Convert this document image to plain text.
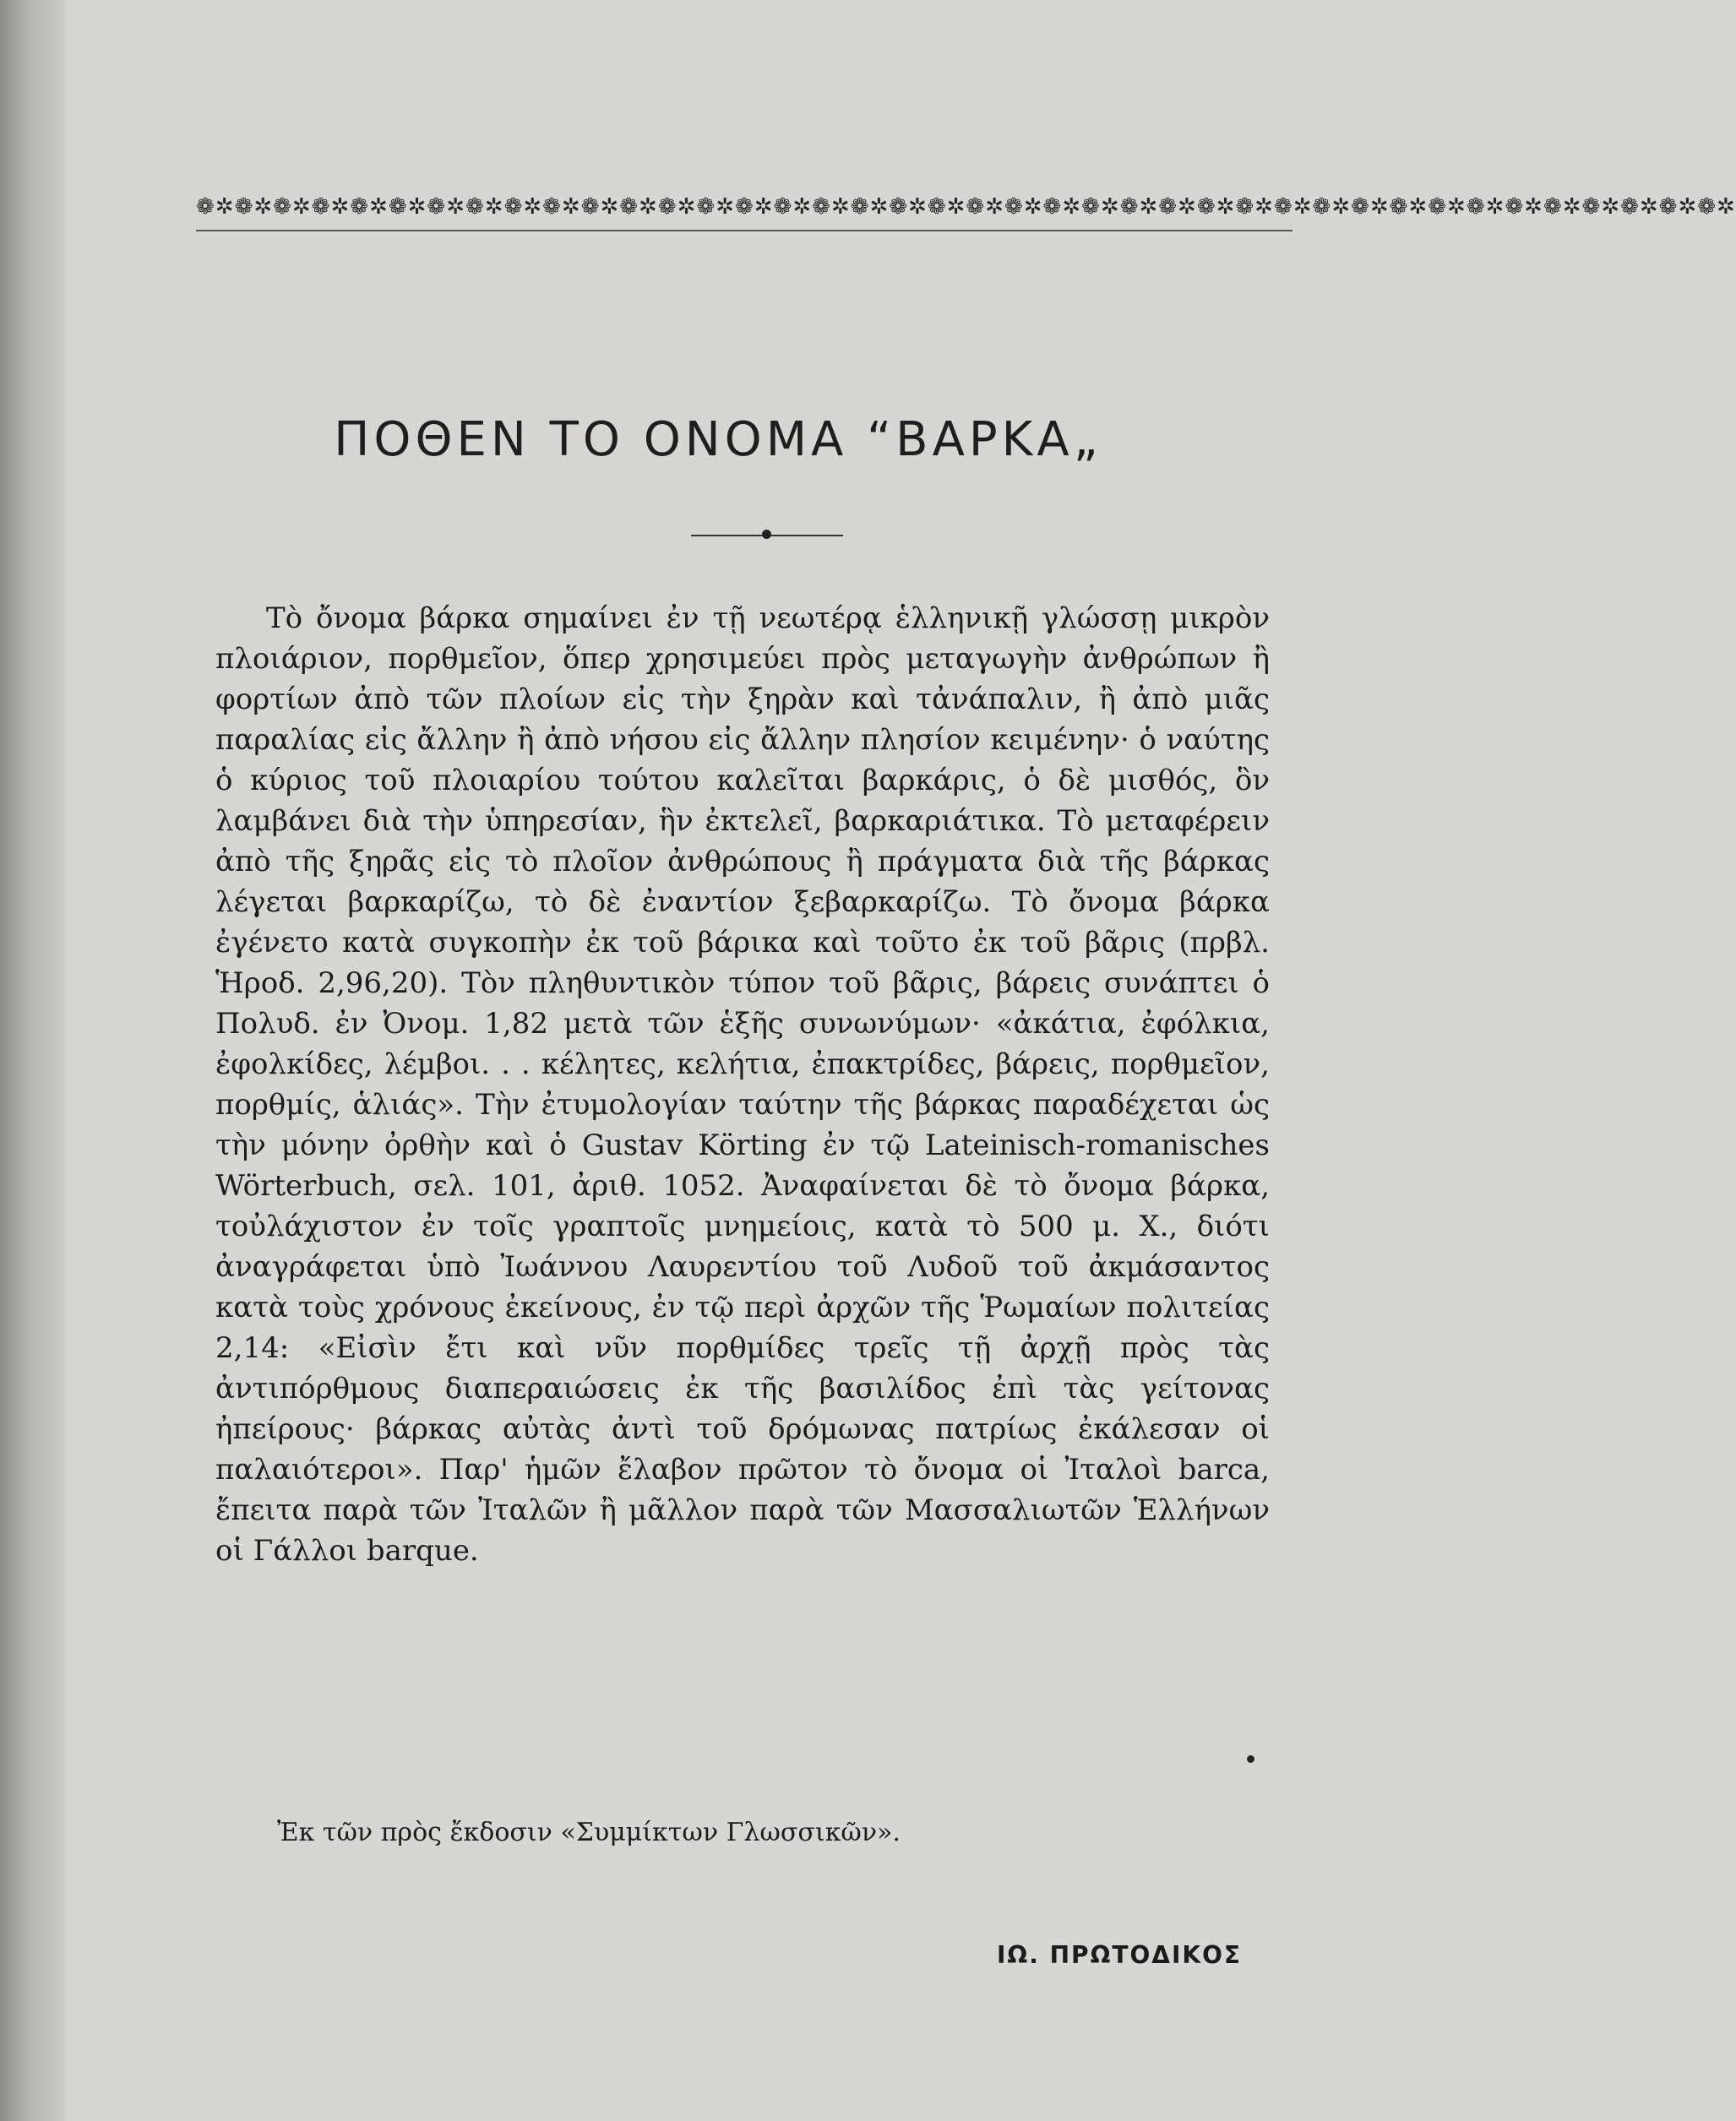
❁✲❁✲❁✲❁✲❁✲❁✲❁✲❁✲❁✲❁✲❁✲❁✲❁✲❁✲❁✲❁✲❁✲❁✲❁✲❁✲❁✲❁✲❁✲❁✲❁✲❁✲❁✲❁✲❁✲❁✲❁✲❁✲❁✲❁✲❁✲❁✲❁✲❁✲❁✲❁✲
ΠΟΘΕΝ ΤΟ ΟΝΟΜΑ “ΒΑΡΚΑ„

Τὸ ὄνομα βάρκα σημαίνει ἐν τῇ νεωτέρᾳ ἑλληνικῇ γλώσσῃ μικρὸν πλοιάριον, πορθμεῖον, ὅπερ χρησιμεύει πρὸς μεταγωγὴν ἀνθρώπων ἢ φορτίων ἀπὸ τῶν πλοίων εἰς τὴν ξηρὰν καὶ τἀνάπαλιν, ἢ ἀπὸ μιᾶς παραλίας εἰς ἄλλην ἢ ἀπὸ νήσου εἰς ἄλλην πλησίον κειμένην· ὁ ναύτης ὁ κύριος τοῦ πλοιαρίου τούτου καλεῖται βαρκάρις, ὁ δὲ μισθός, ὃν λαμβάνει διὰ τὴν ὑπηρεσίαν, ἣν ἐκτελεῖ, βαρκαριάτικα. Τὸ μεταφέρειν ἀπὸ τῆς ξηρᾶς εἰς τὸ πλοῖον ἀνθρώπους ἢ πράγματα διὰ τῆς βάρκας λέγεται βαρκαρίζω, τὸ δὲ ἐναντίον ξεβαρκαρίζω. Τὸ ὄνομα βάρκα ἐγένετο κατὰ συγκοπὴν ἐκ τοῦ βάρικα καὶ τοῦτο ἐκ τοῦ βᾶρις (πρβλ. Ἡροδ. 2,96,20). Τὸν πληθυντικὸν τύπον τοῦ βᾶρις, βάρεις συνάπτει ὁ Πολυδ. ἐν Ὀνομ. 1,82 μετὰ τῶν ἑξῆς συνωνύμων· «ἀκάτια, ἐφόλκια, ἐφολκίδες, λέμβοι. . . κέλητες, κελήτια, ἐπακτρίδες, βάρεις, πορθμεῖον, πορθμίς, ἁλιάς». Τὴν ἐτυμολογίαν ταύτην τῆς βάρκας παραδέχεται ὡς τὴν μόνην ὀρθὴν καὶ ὁ Gustav Körting ἐν τῷ Lateinisch-romanisches Wörterbuch, σελ. 101, ἀριθ. 1052. Ἀναφαίνεται δὲ τὸ ὄνομα βάρκα, τοὐλάχιστον ἐν τοῖς γραπτοῖς μνημείοις, κατὰ τὸ 500 μ. Χ., διότι ἀναγράφεται ὑπὸ Ἰωάννου Λαυρεντίου τοῦ Λυδοῦ τοῦ ἀκμάσαντος κατὰ τοὺς χρόνους ἐκείνους, ἐν τῷ περὶ ἀρχῶν τῆς Ῥωμαίων πολιτείας 2,14: «Εἰσὶν ἔτι καὶ νῦν πορθμίδες τρεῖς τῇ ἀρχῇ πρὸς τὰς ἀντιπόρθμους διαπεραιώσεις ἐκ τῆς βασιλίδος ἐπὶ τὰς γείτονας ἠπείρους· βάρκας αὐτὰς ἀντὶ τοῦ δρόμωνας πατρίως ἐκάλεσαν οἱ παλαιότεροι». Παρ' ἡμῶν ἔλαβον πρῶτον τὸ ὄνομα οἱ Ἰταλοὶ barca, ἔπειτα παρὰ τῶν Ἰταλῶν ἢ μᾶλλον παρὰ τῶν Μασσαλιωτῶν Ἑλλήνων οἱ Γάλλοι barque.

Ἐκ τῶν πρὸς ἔκδοσιν «Συμμίκτων Γλωσσικῶν».

ΙΩ. ΠΡΩΤΟΔΙΚΟΣ
